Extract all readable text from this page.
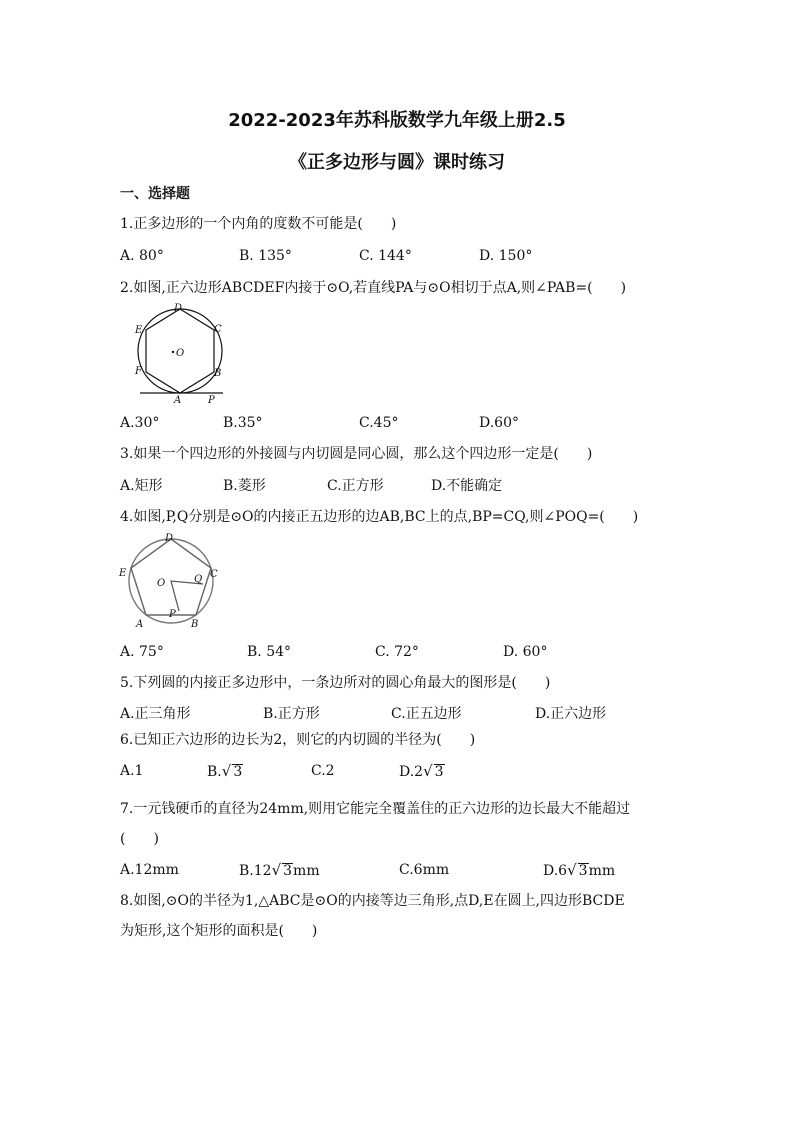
2022-2023年苏科版数学九年级上册2.5
《正多边形与圆》课时练习
一、选择题
1.正多边形的一个内角的度数不可能是(　　)
A. 80°	B. 135°	C. 144°	D. 150°
2.如图,正六边形ABCDEF内接于⊙O,若直线PA与⊙O相切于点A,则∠PAB=(　　)
D
C
E
O
F	B
A	P
A.30°	B.35°	C.45°	D.60°
3.如果一个四边形的外接圆与内切圆是同心圆，那么这个四边形一定是(　　)
A.矩形	B.菱形	C.正方形	D.不能确定
4.如图,P,Q分别是⊙O的内接正五边形的边AB,BC上的点,BP=CQ,则∠POQ=(　　)
D
E	C
Q
O
P
A	B
A. 75°	B. 54°	C. 72°	D. 60°
5.下列圆的内接正多边形中，一条边所对的圆心角最大的图形是(　　)
A.正三角形	B.正方形	C.正五边形	D.正六边形
6.已知正六边形的边长为2，则它的内切圆的半径为(　　)
A.1	B.√ 3	C.2	D.2√ 3
7.一元钱硬币的直径为24mm,则用它能完全覆盖住的正六边形的边长最大不能超过
(　　)
A.12mm	B.12√ 3mm	C.6mm	D.6√ 3mm
8.如图,⊙O的半径为1,△ABC是⊙O的内接等边三角形,点D,E在圆上,四边形BCDE
为矩形,这个矩形的面积是(　　)
